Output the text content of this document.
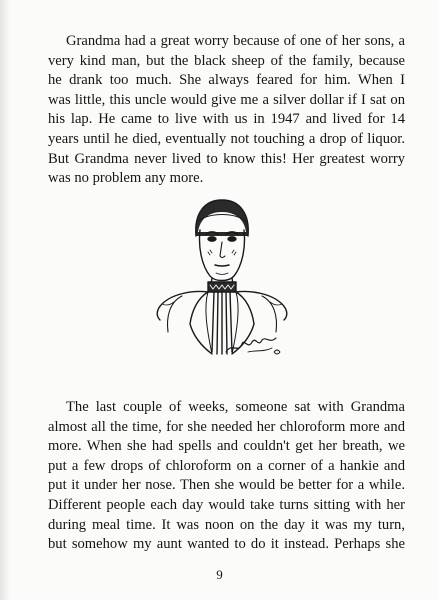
Grandma had a great worry because of one of her sons, a
very kind man, but the black sheep of the family, because
he drank too much. She always feared for him. When I
was little, this uncle would give me a silver dollar if I sat on
his lap. He came to live with us in 1947 and lived for 14
years until he died, eventually not touching a drop of liquor.
But Grandma never lived to know this! Her greatest worry
was no problem any more.

The last couple of weeks, someone sat with Grandma
almost all the time, for she needed her chloroform more and
more. When she had spells and couldn't get her breath, we
put a few drops of chloroform on a corner of a hankie and
put it under her nose. Then she would be better for a while.
Different people each day would take turns sitting with her
during meal time. It was noon on the day it was my turn,
but somehow my aunt wanted to do it instead. Perhaps she

9
